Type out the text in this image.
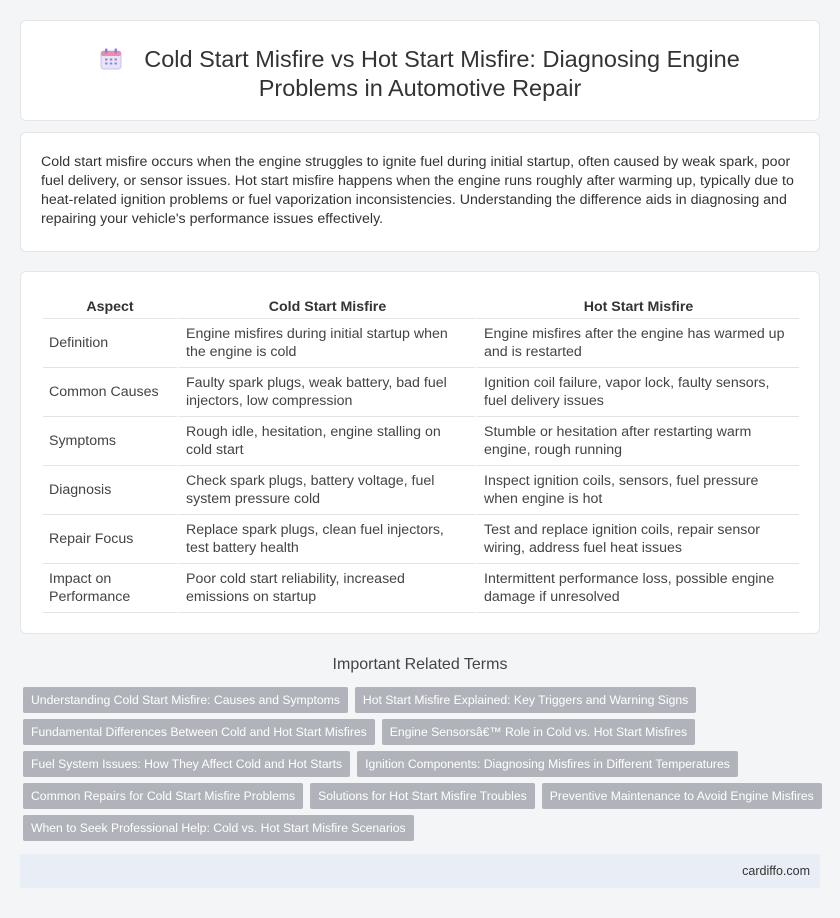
Cold Start Misfire vs Hot Start Misfire: Diagnosing Engine
Problems in Automotive Repair

Cold start misfire occurs when the engine struggles to ignite fuel during initial startup, often caused by weak spark, poor fuel delivery, or sensor issues. Hot start misfire happens when the engine runs roughly after warming up, typically due to heat-related ignition problems or fuel vaporization inconsistencies. Understanding the difference aids in diagnosing and repairing your vehicle's performance issues effectively.

Aspect	Cold Start Misfire	Hot Start Misfire
Definition	Engine misfires during initial startup when the engine is cold	Engine misfires after the engine has warmed up and is restarted
Common Causes	Faulty spark plugs, weak battery, bad fuel injectors, low compression	Ignition coil failure, vapor lock, faulty sensors, fuel delivery issues
Symptoms	Rough idle, hesitation, engine stalling on cold start	Stumble or hesitation after restarting warm engine, rough running
Diagnosis	Check spark plugs, battery voltage, fuel system pressure cold	Inspect ignition coils, sensors, fuel pressure when engine is hot
Repair Focus	Replace spark plugs, clean fuel injectors, test battery health	Test and replace ignition coils, repair sensor wiring, address fuel heat issues
Impact on Performance	Poor cold start reliability, increased emissions on startup	Intermittent performance loss, possible engine damage if unresolved
Important Related Terms
Understanding Cold Start Misfire: Causes and Symptoms	Hot Start Misfire Explained: Key Triggers and Warning Signs
Fundamental Differences Between Cold and Hot Start Misfires	Engine Sensorsâ€™ Role in Cold vs. Hot Start Misfires
Fuel System Issues: How They Affect Cold and Hot Starts	Ignition Components: Diagnosing Misfires in Different Temperatures
Common Repairs for Cold Start Misfire Problems	Solutions for Hot Start Misfire Troubles	Preventive Maintenance to Avoid Engine Misfires
When to Seek Professional Help: Cold vs. Hot Start Misfire Scenarios
cardiffo.com
